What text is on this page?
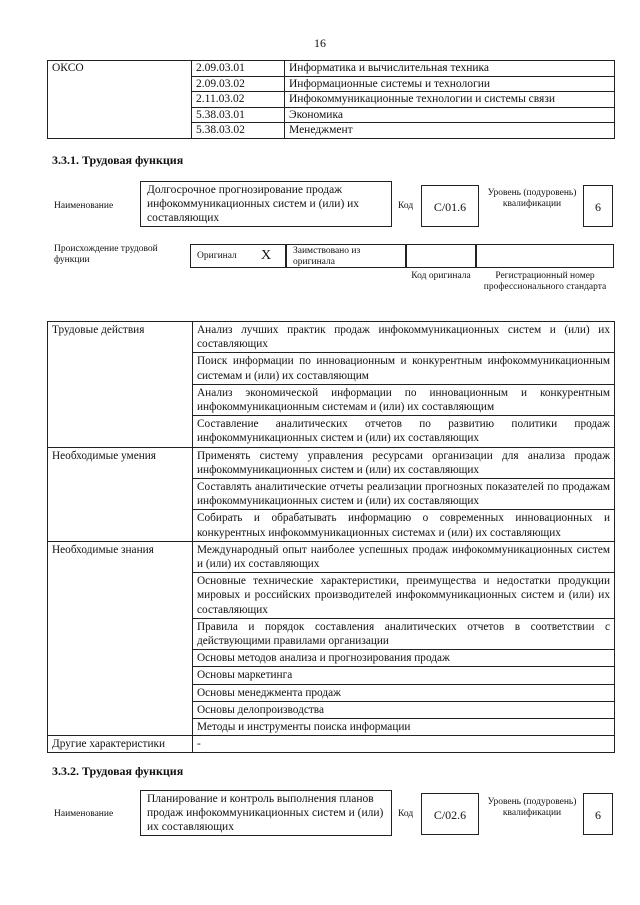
16
ОКСО	2.09.03.01	Информатика и вычислительная техника
	2.09.03.02	Информационные системы и технологии
	2.11.03.02	Инфокоммуникационные технологии и системы связи
	5.38.03.01	Экономика
	5.38.03.02	Менеджмент
3.3.1. Трудовая функция
Наименование
Долгосрочное прогнозирование продаж инфокоммуникационных систем и (или) их составляющих
Код	C/01.6
Уровень (подуровень) квалификации	6
Происхождение трудовой функции	Оригинал X Заимствовано из оригинала
Код оригинала	Регистрационный номер профессионального стандарта
Трудовые действия	Анализ лучших практик продаж инфокоммуникационных систем и (или) их составляющих
	Поиск информации по инновационным и конкурентным инфокоммуникационным системам и (или) их составляющим
	Анализ экономической информации по инновационным и конкурентным инфокоммуникационным системам и (или) их составляющим
	Составление аналитических отчетов по развитию политики продаж инфокоммуникационных систем и (или) их составляющих
Необходимые умения	Применять систему управления ресурсами организации для анализа продаж инфокоммуникационных систем и (или) их составляющих
	Составлять аналитические отчеты реализации прогнозных показателей по продажам инфокоммуникационных систем и (или) их составляющих
	Собирать и обрабатывать информацию о современных инновационных и конкурентных инфокоммуникационных системах и (или) их составляющих
Необходимые знания	Международный опыт наиболее успешных продаж инфокоммуникационных систем и (или) их составляющих
	Основные технические характеристики, преимущества и недостатки продукции мировых и российских производителей инфокоммуникационных систем и (или) их составляющих
	Правила и порядок составления аналитических отчетов в соответствии с действующими правилами организации
	Основы методов анализа и прогнозирования продаж
	Основы маркетинга
	Основы менеджмента продаж
	Основы делопроизводства
	Методы и инструменты поиска информации
Другие характеристики	-
3.3.2. Трудовая функция
Наименование
Планирование и контроль выполнения планов продаж инфокоммуникационных систем и (или) их составляющих
Код	C/02.6
Уровень (подуровень) квалификации	6
